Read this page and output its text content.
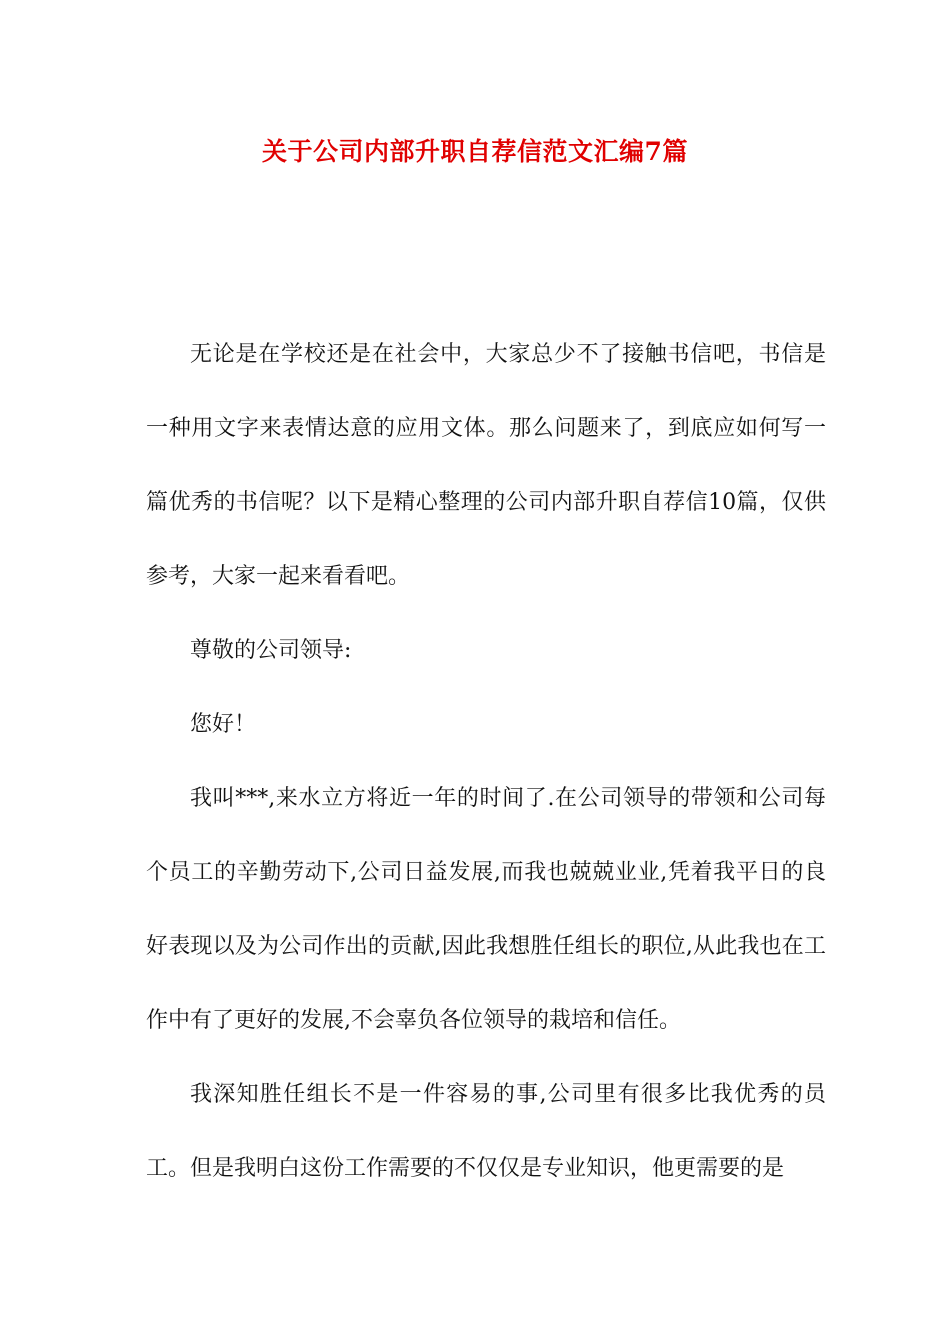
关于公司内部升职自荐信范文汇编7篇

无论是在学校还是在社会中，大家总少不了接触书信吧，书信是一种用文字来表情达意的应用文体。那么问题来了，到底应如何写一篇优秀的书信呢？以下是精心整理的公司内部升职自荐信10篇，仅供参考，大家一起来看看吧。

尊敬的公司领导:

您好！

我叫***,来水立方将近一年的时间了.在公司领导的带领和公司每个员工的辛勤劳动下,公司日益发展,而我也兢兢业业,凭着我平日的良好表现以及为公司作出的贡献,因此我想胜任组长的职位,从此我也在工作中有了更好的发展,不会辜负各位领导的栽培和信任。

我深知胜任组长不是一件容易的事,公司里有很多比我优秀的员工。但是我明白这份工作需要的不仅仅是专业知识，他更需要的是
